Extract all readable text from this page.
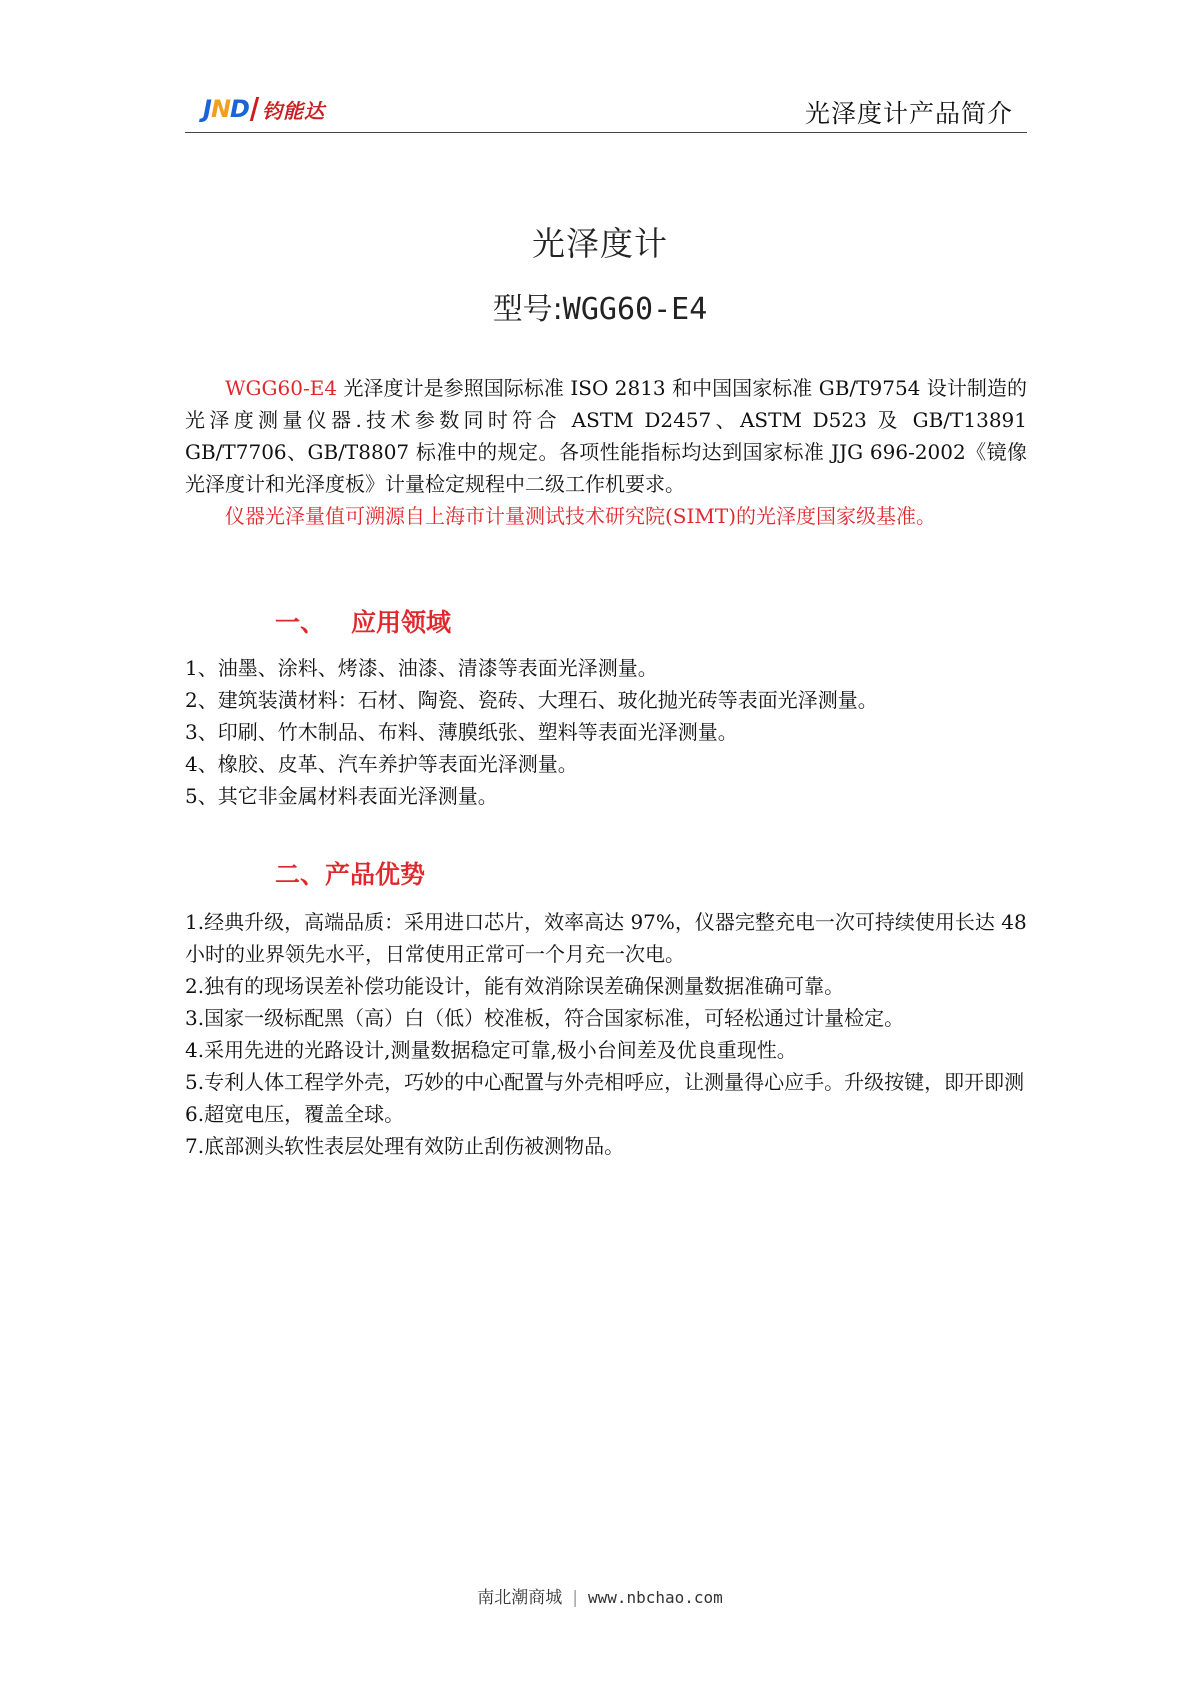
JND 钧能达	光泽度计产品简介
光泽度计
型号:WGG60-E4

WGG60-E4 光泽度计是参照国际标准 ISO 2813 和中国国家标准 GB/T9754 设计制造的光泽度测量仪器.技术参数同时符合 ASTM D2457、ASTM D523 及 GB/T13891 GB/T7706、GB/T8807 标准中的规定。各项性能指标均达到国家标准 JJG 696-2002《镜像光泽度计和光泽度板》计量检定规程中二级工作机要求。

仪器光泽量值可溯源自上海市计量测试技术研究院(SIMT)的光泽度国家级基准。

一、 应用领域
1、油墨、涂料、烤漆、油漆、清漆等表面光泽测量。
2、建筑装潢材料：石材、陶瓷、瓷砖、大理石、玻化抛光砖等表面光泽测量。
3、印刷、竹木制品、布料、薄膜纸张、塑料等表面光泽测量。
4、橡胶、皮革、汽车养护等表面光泽测量。
5、其它非金属材料表面光泽测量。
二、产品优势
1.经典升级，高端品质：采用进口芯片，效率高达 97%，仪器完整充电一次可持续使用长达 48 小时的业界领先水平，日常使用正常可一个月充一次电。
2.独有的现场误差补偿功能设计，能有效消除误差确保测量数据准确可靠。
3.国家一级标配黑（高）白（低）校准板，符合国家标准，可轻松通过计量检定。
4.采用先进的光路设计,测量数据稳定可靠,极小台间差及优良重现性。
5.专利人体工程学外壳，巧妙的中心配置与外壳相呼应，让测量得心应手。升级按键，即开即测
6.超宽电压，覆盖全球。
7.底部测头软性表层处理有效防止刮伤被测物品。
南北潮商城 | www.nbchao.com
